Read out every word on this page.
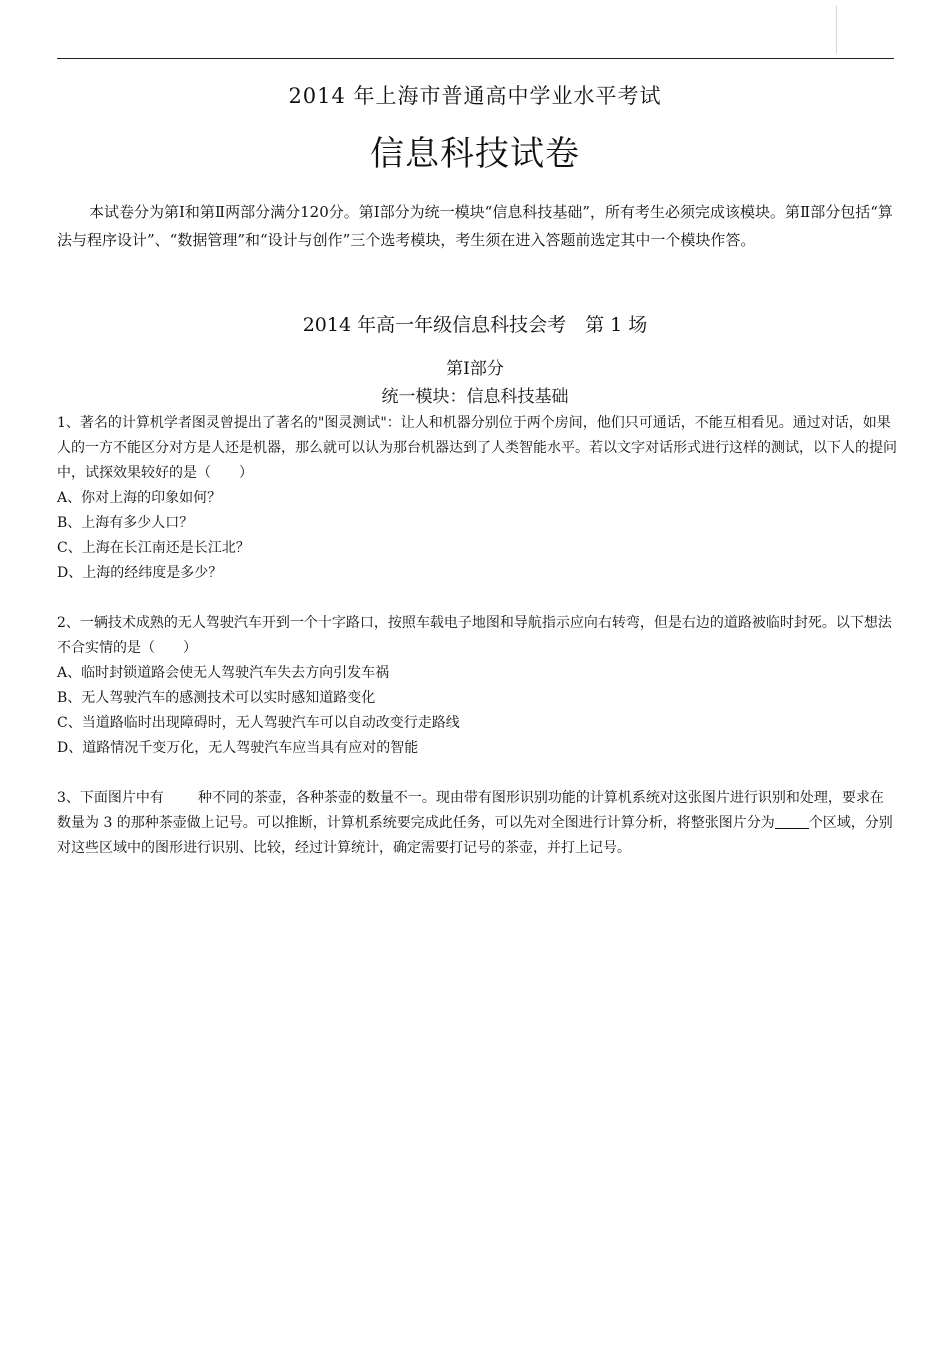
2014 年上海市普通高中学业水平考试
信息科技试卷
本试卷分为第Ⅰ和第Ⅱ两部分满分120分。第Ⅰ部分为统一模块“信息科技基础”，所有考生必须完成该模块。第Ⅱ部分包括“算法与程序设计”、“数据管理”和“设计与创作”三个选考模块，考生须在进入答题前选定其中一个模块作答。
2014 年高一年级信息科技会考　第 1 场
第Ⅰ部分
统一模块：信息科技基础

1、著名的计算机学者图灵曾提出了著名的"图灵测试"：让人和机器分别位于两个房间，他们只可通话，不能互相看见。通过对话，如果人的一方不能区分对方是人还是机器，那么就可以认为那台机器达到了人类智能水平。若以文字对话形式进行这样的测试，以下人的提问中，试探效果较好的是（　　）

A、你对上海的印象如何？

B、上海有多少人口？

C、上海在长江南还是长江北？

D、上海的经纬度是多少？

2、一辆技术成熟的无人驾驶汽车开到一个十字路口，按照车载电子地图和导航指示应向右转弯，但是右边的道路被临时封死。以下想法不合实情的是（　　）

A、临时封锁道路会使无人驾驶汽车失去方向引发车祸

B、无人驾驶汽车的感测技术可以实时感知道路变化

C、当道路临时出现障碍时，无人驾驶汽车可以自动改变行走路线

D、道路情况千变万化，无人驾驶汽车应当具有应对的智能

3、下面图片中有 种不同的茶壶，各种茶壶的数量不一。现由带有图形识别功能的计算机系统对这张图片进行识别和处理，要求在数量为 3 的那种茶壶做上记号。可以推断，计算机系统要完成此任务，可以先对全图进行计算分析，将整张图片分为 个区域，分别对这些区域中的图形进行识别、比较，经过计算统计，确定需要打记号的茶壶，并打上记号。
